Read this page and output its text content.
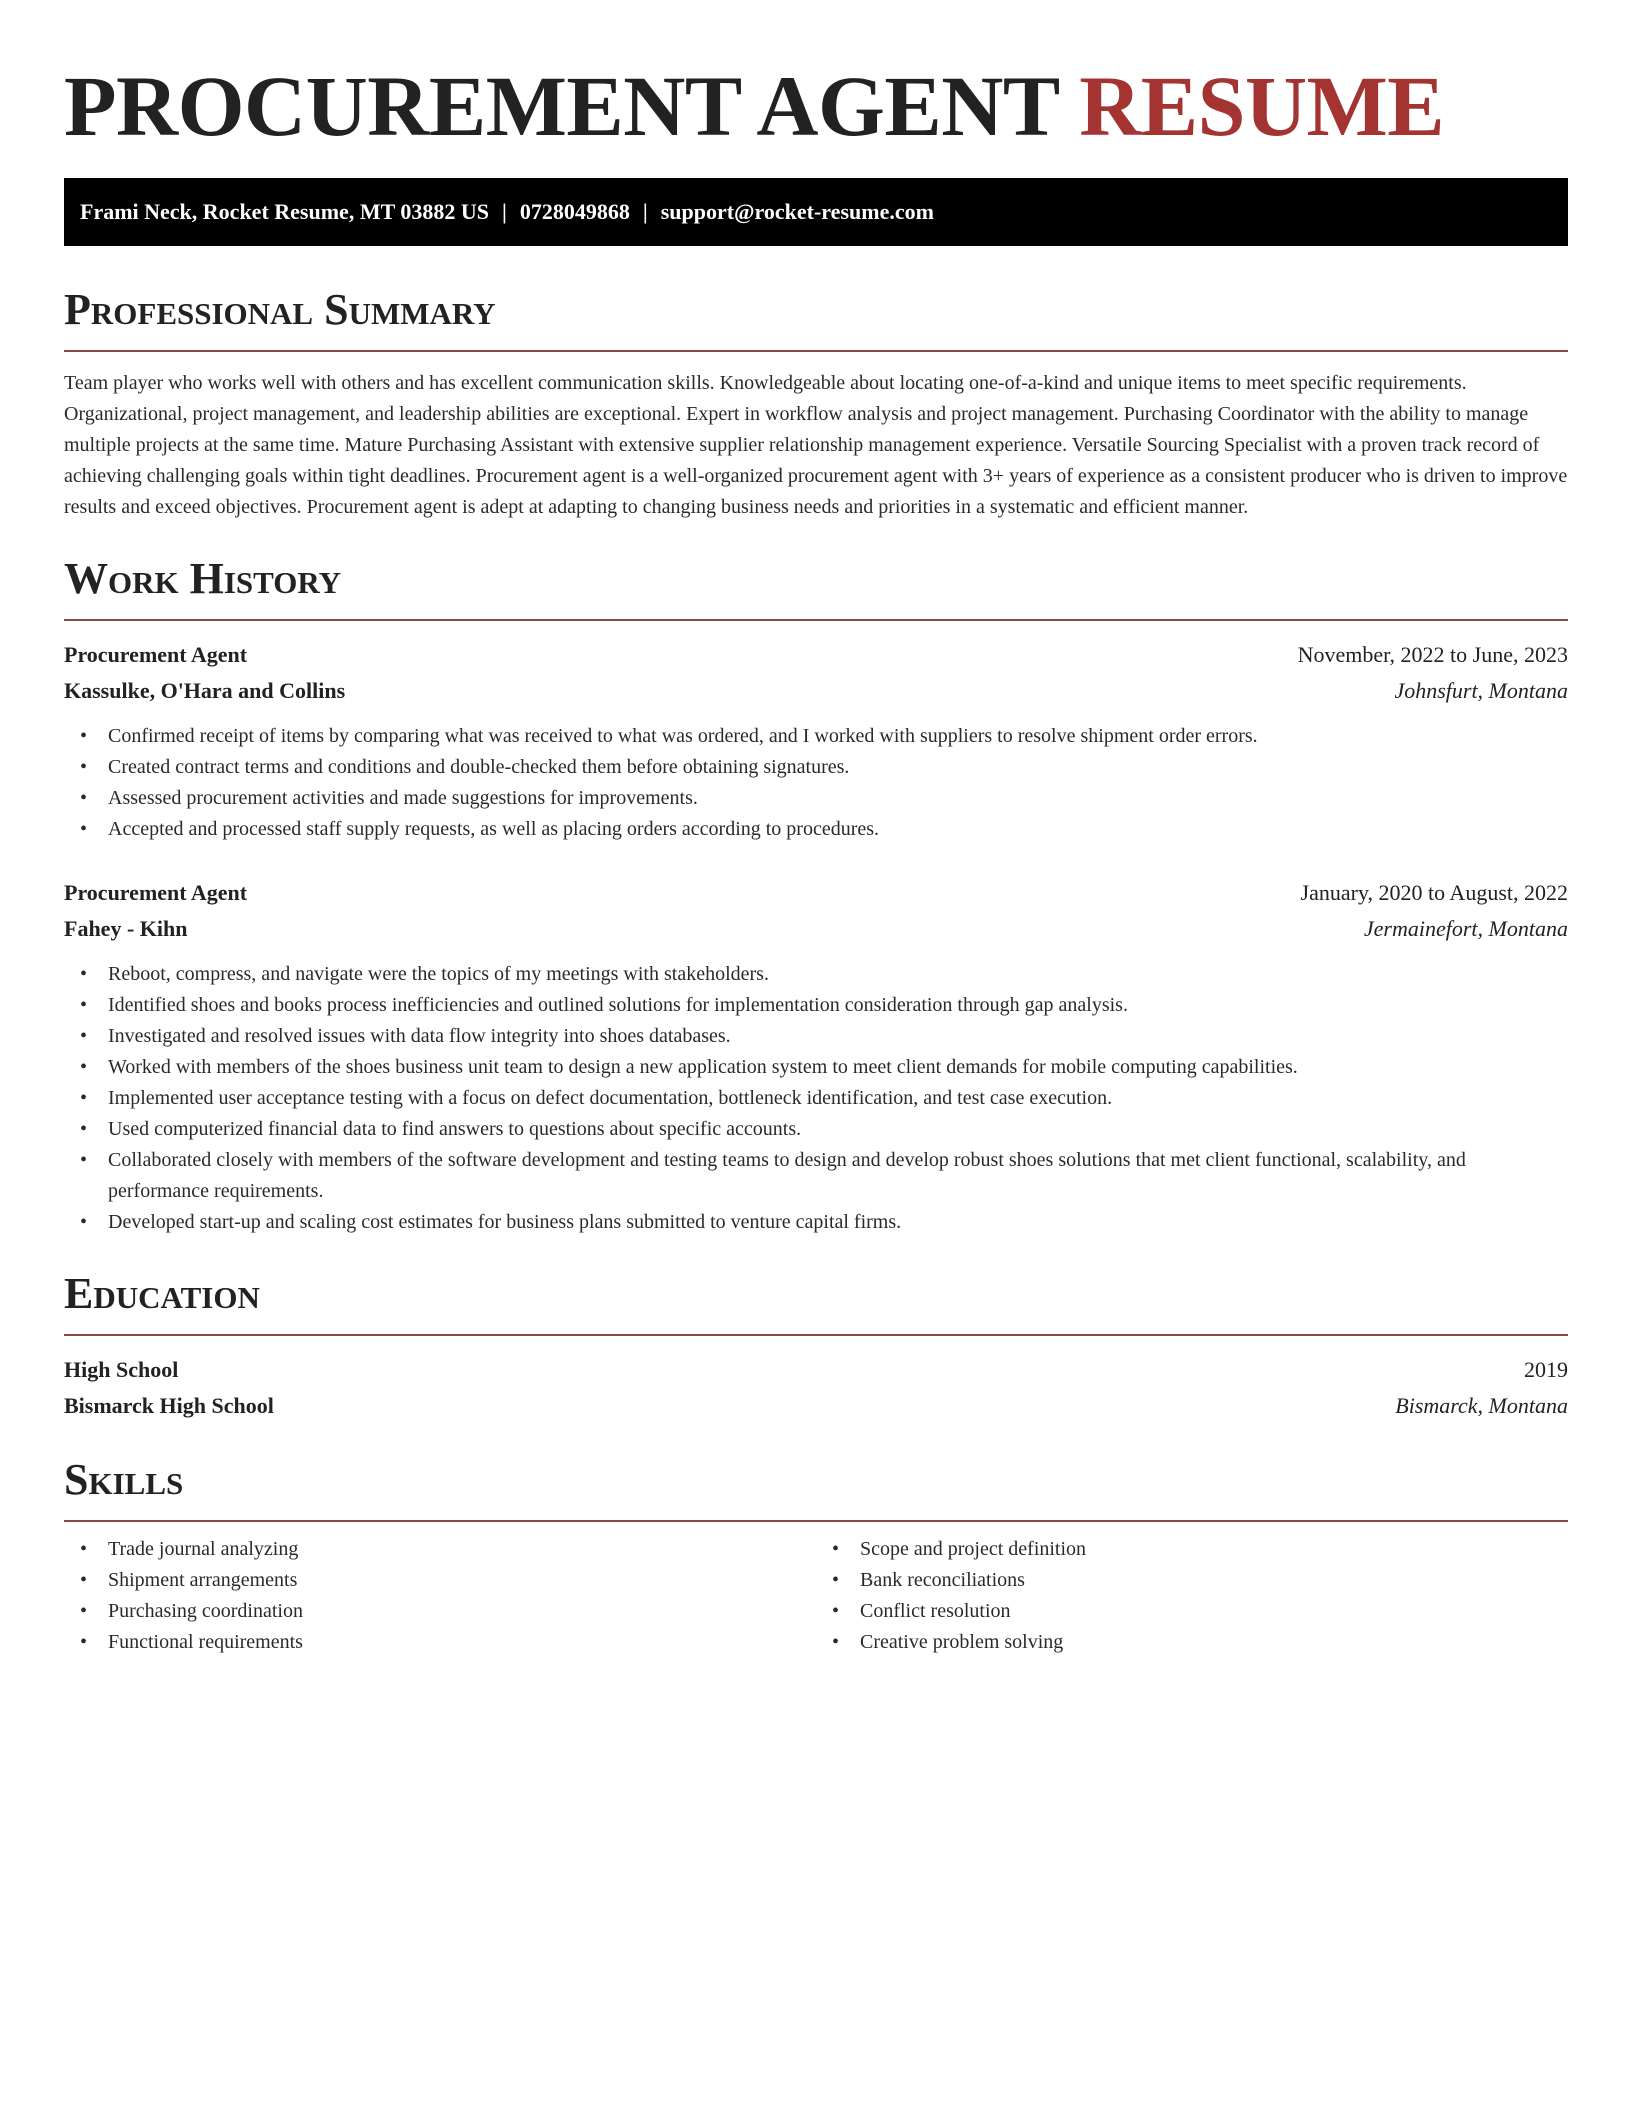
PROCUREMENT AGENT RESUME
Frami Neck, Rocket Resume, MT 03882 US | 0728049868 | support@rocket-resume.com
Professional Summary

Team player who works well with others and has excellent communication skills. Knowledgeable about locating one-of-a-kind and unique items to meet specific requirements. Organizational, project management, and leadership abilities are exceptional. Expert in workflow analysis and project management. Purchasing Coordinator with the ability to manage multiple projects at the same time. Mature Purchasing Assistant with extensive supplier relationship management experience. Versatile Sourcing Specialist with a proven track record of achieving challenging goals within tight deadlines. Procurement agent is a well-organized procurement agent with 3+ years of experience as a consistent producer who is driven to improve results and exceed objectives. Procurement agent is adept at adapting to changing business needs and priorities in a systematic and efficient manner.

Work History
Procurement Agent	November, 2022 to June, 2023
Kassulke, O'Hara and Collins	Johnsfurt, Montana
• Confirmed receipt of items by comparing what was received to what was ordered, and I worked with suppliers to resolve shipment order errors.
• Created contract terms and conditions and double-checked them before obtaining signatures.
• Assessed procurement activities and made suggestions for improvements.
• Accepted and processed staff supply requests, as well as placing orders according to procedures.
Procurement Agent	January, 2020 to August, 2022
Fahey - Kihn	Jermainefort, Montana
• Reboot, compress, and navigate were the topics of my meetings with stakeholders.
• Identified shoes and books process inefficiencies and outlined solutions for implementation consideration through gap analysis.
• Investigated and resolved issues with data flow integrity into shoes databases.
• Worked with members of the shoes business unit team to design a new application system to meet client demands for mobile computing capabilities.
• Implemented user acceptance testing with a focus on defect documentation, bottleneck identification, and test case execution.
• Used computerized financial data to find answers to questions about specific accounts.
• Collaborated closely with members of the software development and testing teams to design and develop robust shoes solutions that met client functional, scalability, and performance requirements.
• Developed start-up and scaling cost estimates for business plans submitted to venture capital firms.
Education
High School	2019
Bismarck High School	Bismarck, Montana
Skills
• Trade journal analyzing
• Shipment arrangements
• Purchasing coordination
• Functional requirements
• Scope and project definition
• Bank reconciliations
• Conflict resolution
• Creative problem solving
